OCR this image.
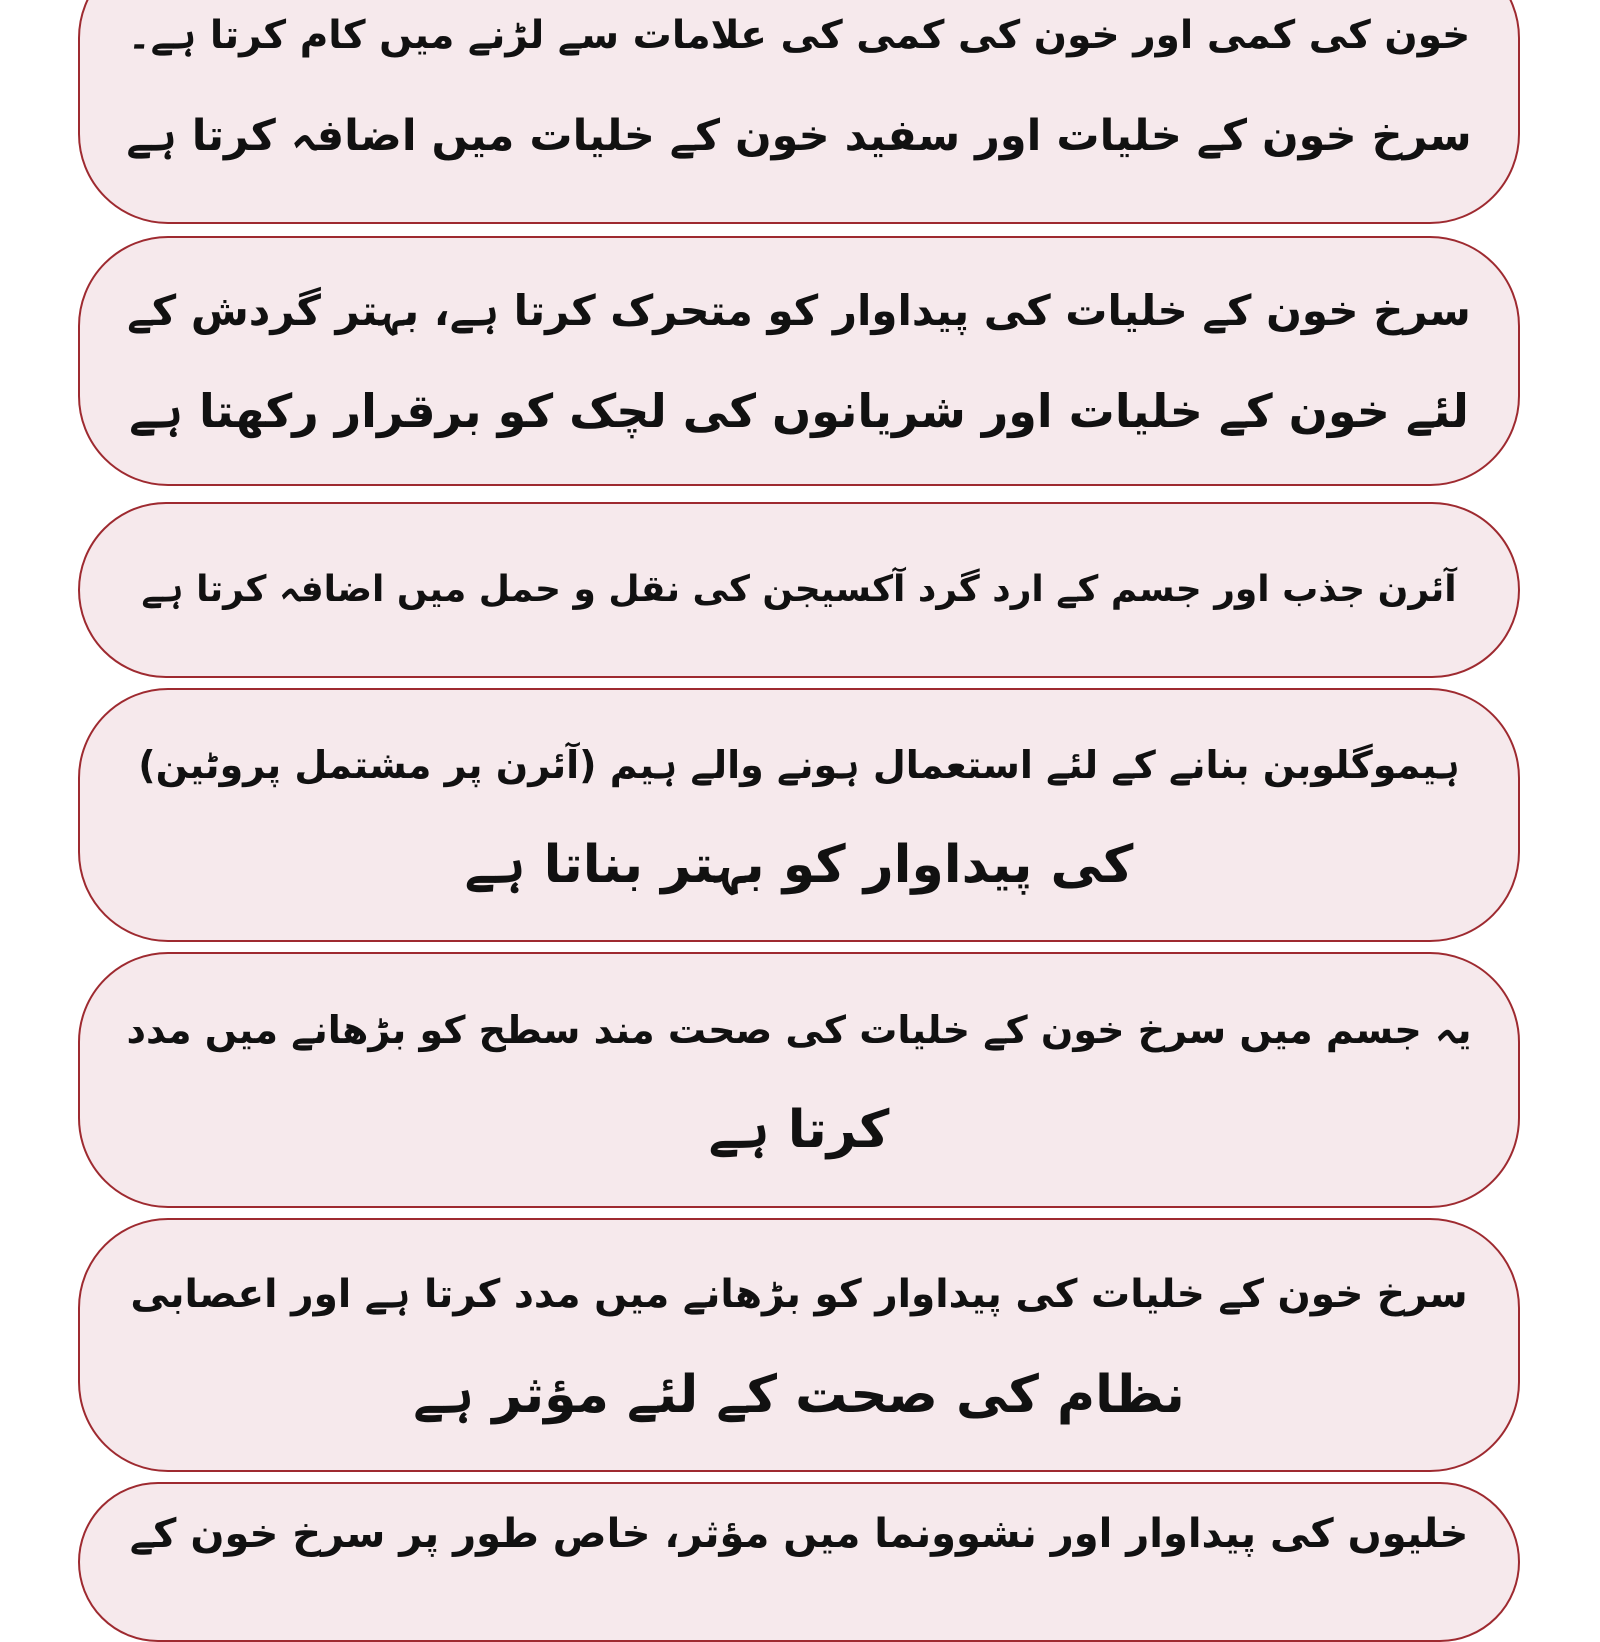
خون کی کمی اور خون کی کمی کی علامات سے لڑنے میں کام کرتا ہے۔
سرخ خون کے خلیات اور سفید خون کے خلیات میں اضافہ کرتا ہے
سرخ خون کے خلیات کی پیداوار کو متحرک کرتا ہے، بہتر گردش کے
لئے خون کے خلیات اور شریانوں کی لچک کو برقرار رکھتا ہے
آئرن جذب اور جسم کے ارد گرد آکسیجن کی نقل و حمل میں اضافہ کرتا ہے
ہیموگلوبن بنانے کے لئے استعمال ہونے والے ہیم (آئرن پر مشتمل پروٹین)
کی پیداوار کو بہتر بناتا ہے
یہ جسم میں سرخ خون کے خلیات کی صحت مند سطح کو بڑھانے میں مدد
کرتا ہے
سرخ خون کے خلیات کی پیداوار کو بڑھانے میں مدد کرتا ہے اور اعصابی
نظام کی صحت کے لئے مؤثر ہے
خلیوں کی پیداوار اور نشوونما میں مؤثر، خاص طور پر سرخ خون کے
